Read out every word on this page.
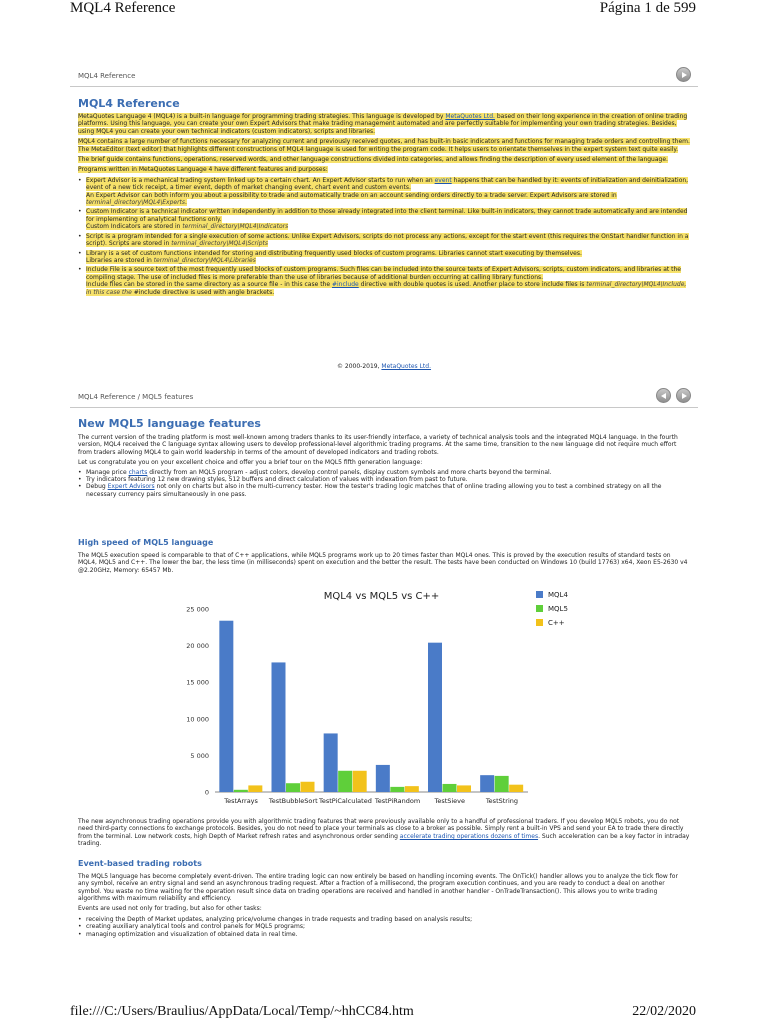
MQL4 Reference	Página 1 de 599
MQL4 Reference
MQL4 Reference

MetaQuotes Language 4 (MQL4) is a built-in language for programming trading strategies. This language is developed by MetaQuotes Ltd. based on their long experience in the creation of online trading platforms. Using this language, you can create your own Expert Advisors that make trading management automated and are perfectly suitable for implementing your own trading strategies. Besides, using MQL4 you can create your own technical indicators (custom indicators), scripts and libraries.

MQL4 contains a large number of functions necessary for analyzing current and previously received quotes, and has built-in basic indicators and functions for managing trade orders and controlling them. The MetaEditor (text editor) that highlights different constructions of MQL4 language is used for writing the program code. It helps users to orientate themselves in the expert system text quite easily.

The brief guide contains functions, operations, reserved words, and other language constructions divided into categories, and allows finding the description of every used element of the language.

Programs written in MetaQuotes Language 4 have different features and purposes:

• Expert Advisor is a mechanical trading system linked up to a certain chart. An Expert Advisor starts to run when an event happens that can be handled by it: events of initialization and deinitialization, event of a new tick receipt, a timer event, depth of market changing event, chart event and custom events.
An Expert Advisor can both inform you about a possibility to trade and automatically trade on an account sending orders directly to a trade server. Expert Advisors are stored in terminal_directory\MQL4\Experts.
• Custom Indicator is a technical indicator written independently in addition to those already integrated into the client terminal. Like built-in indicators, they cannot trade automatically and are intended for implementing of analytical functions only.
Custom Indicators are stored in terminal_directory\MQL4\Indicators
• Script is a program intended for a single execution of some actions. Unlike Expert Advisors, scripts do not process any actions, except for the start event (this requires the OnStart handler function in a script). Scripts are stored in terminal_directory\MQL4\Scripts
• Library is a set of custom functions intended for storing and distributing frequently used blocks of custom programs. Libraries cannot start executing by themselves.
Libraries are stored in terminal_directory\MQL4\Libraries
• Include File is a source text of the most frequently used blocks of custom programs. Such files can be included into the source texts of Expert Advisors, scripts, custom indicators, and libraries at the compiling stage. The use of included files is more preferable than the use of libraries because of additional burden occurring at calling library functions.
Include files can be stored in the same directory as a source file - in this case the #include directive with double quotes is used. Another place to store include files is terminal_directory\MQL4\Include, in this case the #include directive is used with angle brackets.
© 2000-2019, MetaQuotes Ltd.
MQL4 Reference / MQL5 features
New MQL5 language features

The current version of the trading platform is most well-known among traders thanks to its user-friendly interface, a variety of technical analysis tools and the integrated MQL4 language. In the fourth version, MQL4 received the C language syntax allowing users to develop professional-level algorithmic trading programs. At the same time, transition to the new language did not require much effort from traders allowing MQL4 to gain world leadership in terms of the amount of developed indicators and trading robots.

Let us congratulate you on your excellent choice and offer you a brief tour on the MQL5 fifth generation language:

• Manage price charts directly from an MQL5 program - adjust colors, develop control panels, display custom symbols and more charts beyond the terminal.
• Try indicators featuring 12 new drawing styles, 512 buffers and direct calculation of values with indexation from past to future.
• Debug Expert Advisors not only on charts but also in the multi-currency tester. How the tester's trading logic matches that of online trading allowing you to test a combined strategy on all the necessary currency pairs simultaneously in one pass.
High speed of MQL5 language
The MQL5 execution speed is comparable to that of C++ applications, while MQL5 programs work up to 20 times faster than MQL4 ones. This is proved by the execution results of standard tests on MQL4, MQL5 and C++. The lower the bar, the less time (in milliseconds) spent on execution and the better the result. The tests have been conducted on Windows 10 (build 17763) x64, Xeon E5-2630 v4 @2.20GHz, Memory: 65457 Mb.
MQL4 vs MQL5 vs C++
0
5 000
10 000
15 000
20 000
25 000
TestArrays TestBubbleSort TestPiCalculated TestPiRandom TestSieve	TestString
MQL4
MQL5
C++
The new asynchronous trading operations provide you with algorithmic trading features that were previously available only to a handful of professional traders. If you develop MQL5 robots, you do not need third-party connections to exchange protocols. Besides, you do not need to place your terminals as close to a broker as possible. Simply rent a built-in VPS and send your EA to trade there directly from the terminal. Low network costs, high Depth of Market refresh rates and asynchronous order sending accelerate trading operations dozens of times. Such acceleration can be a key factor in intraday trading.
Event-based trading robots
The MQL5 language has become completely event-driven. The entire trading logic can now entirely be based on handling incoming events. The OnTick() handler allows you to analyze the tick flow for any symbol, receive an entry signal and send an asynchronous trading request. After a fraction of a millisecond, the program execution continues, and you are ready to conduct a deal on another symbol. You waste no time waiting for the operation result since data on trading operations are received and handled in another handler - OnTradeTransaction(). This allows you to write trading algorithms with maximum reliability and efficiency.
Events are used not only for trading, but also for other tasks:
• receiving the Depth of Market updates, analyzing price/volume changes in trade requests and trading based on analysis results;
• creating auxiliary analytical tools and control panels for MQL5 programs;
• managing optimization and visualization of obtained data in real time.
file:///C:/Users/Braulius/AppData/Local/Temp/~hhCC84.htm	22/02/2020
